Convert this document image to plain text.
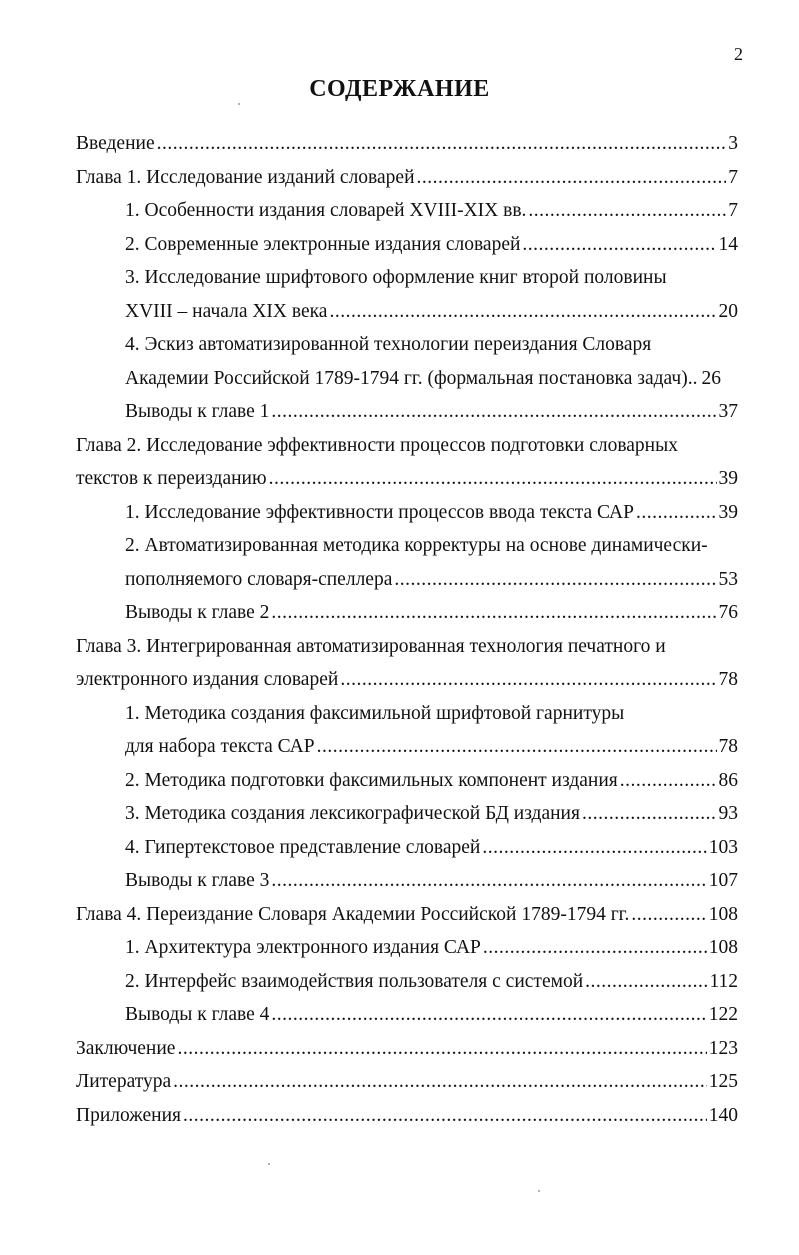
2
СОДЕРЖАНИЕ
Введение .....	3
Глава 1. Исследование изданий словарей .....	7
1. Особенности издания словарей XVIII-XIX вв. .....	7
2. Современные электронные издания словарей .....	14
3. Исследование шрифтового оформление книг второй половины
XVIII – начала XIX века .....	20
4. Эскиз автоматизированной технологии переиздания Словаря
Академии Российской 1789-1794 гг. (формальная постановка задач).. 26
Выводы к главе 1 .....	37
Глава 2. Исследование эффективности процессов подготовки словарных
текстов к переизданию .....	39
1. Исследование эффективности процессов ввода текста САР .....	39
2. Автоматизированная методика корректуры на основе динамически-
пополняемого словаря-спеллера .....	53
Выводы к главе 2 .....	76
Глава 3. Интегрированная автоматизированная технология печатного и
электронного издания словарей .....	78
1. Методика создания факсимильной шрифтовой гарнитуры
для набора текста САР .....	78
2. Методика подготовки факсимильных компонент издания .....	86
3. Методика создания лексикографической БД издания .....	93
4. Гипертекстовое представление словарей .....	103
Выводы к главе 3 .....	107
Глава 4. Переиздание Словаря Академии Российской 1789-1794 гг. .....	108
1. Архитектура электронного издания САР .....	108
2. Интерфейс взаимодействия пользователя с системой .....	112
Выводы к главе 4 .....	122
Заключение .....	123
Литература .....	125
Приложения .....	140
